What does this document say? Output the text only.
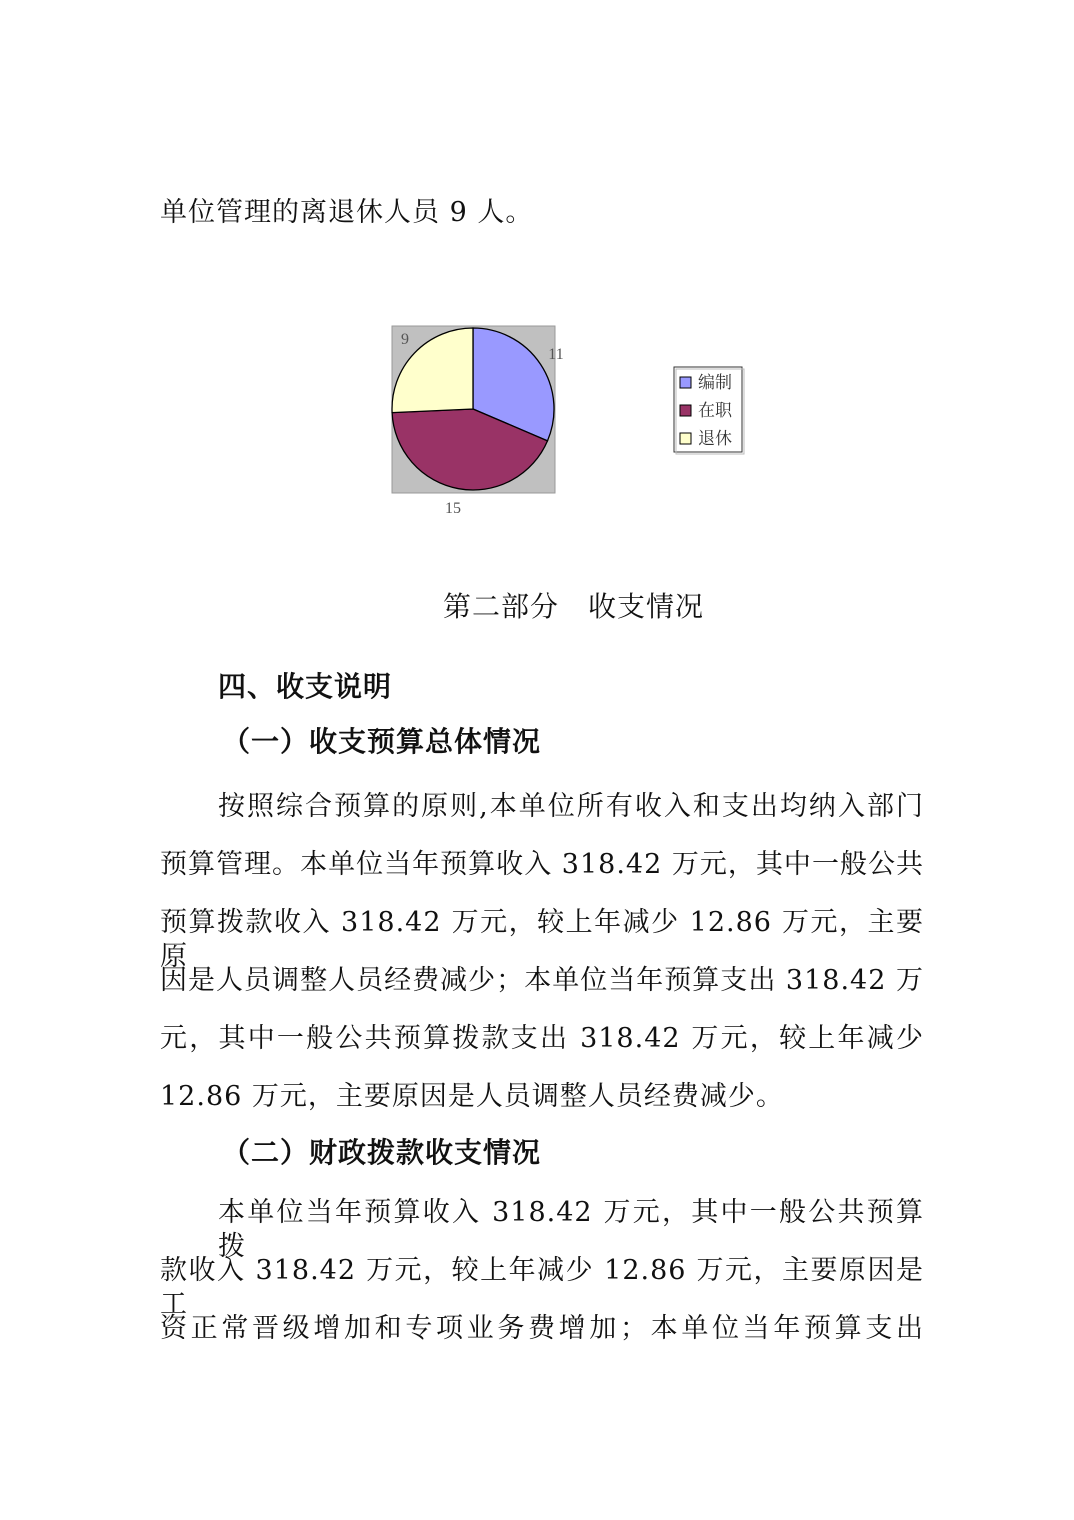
单位管理的离退休人员 9 人。
11
15
9
编制
在职
退休
第二部分　收支情况
四、收支说明
（一）收支预算总体情况
按照综合预算的原则,本单位所有收入和支出均纳入部门
预算管理。本单位当年预算收入 318.42 万元，其中一般公共
预算拨款收入 318.42 万元，较上年减少 12.86 万元，主要原
因是人员调整人员经费减少；本单位当年预算支出 318.42 万
元，其中一般公共预算拨款支出 318.42 万元，较上年减少
12.86 万元，主要原因是人员调整人员经费减少。
（二）财政拨款收支情况
本单位当年预算收入 318.42 万元，其中一般公共预算拨
款收入 318.42 万元，较上年减少 12.86 万元，主要原因是工
资正常晋级增加和专项业务费增加；本单位当年预算支出
